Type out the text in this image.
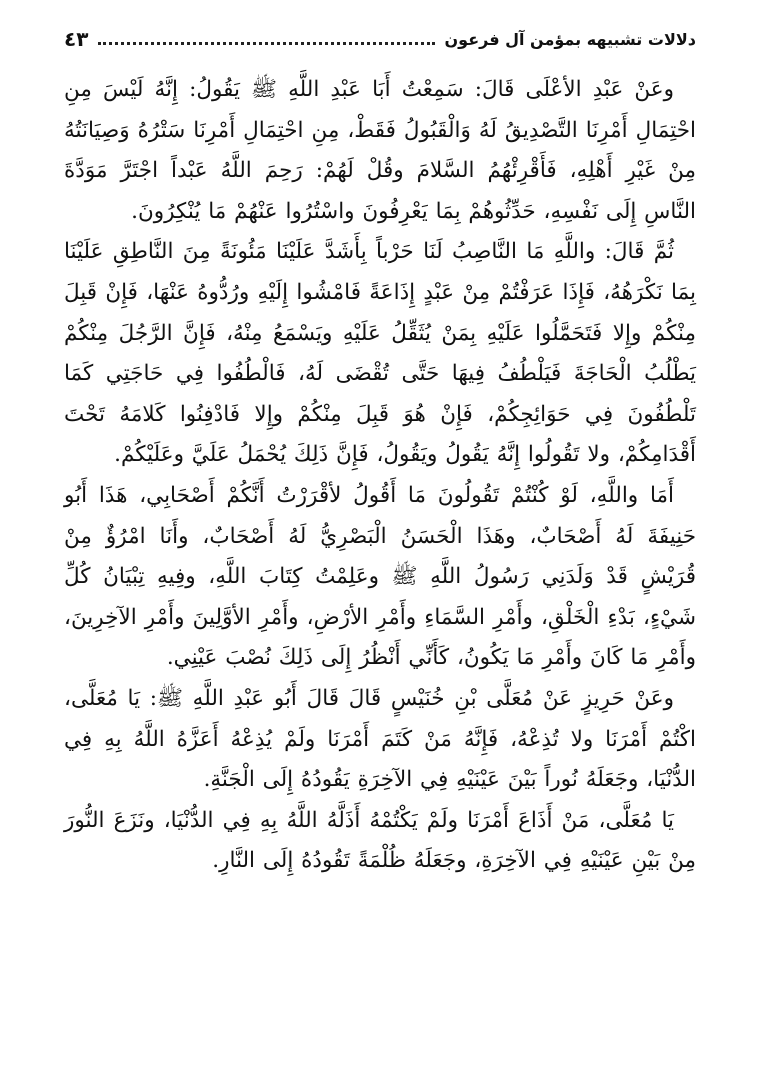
دلالات تشبيهه بمؤمن آل فرعون
٤٣

وعَنْ عَبْدِ الأعْلَى قَالَ: سَمِعْتُ أَبَا عَبْدِ اللَّهِ ﷺ يَقُولُ: إِنَّهُ لَيْسَ مِنِ احْتِمَالِ أَمْرِنَا التَّصْدِيقُ لَهُ وَالْقَبُولُ فَقَطْ، مِنِ احْتِمَالِ أَمْرِنَا سَتْرُهُ وَصِيَانَتُهُ مِنْ غَيْرِ أَهْلِهِ، فَأَقْرِئْهُمُ السَّلامَ وقُلْ لَهُمْ: رَحِمَ اللَّهُ عَبْداً اجْتَرَّ مَوَدَّةَ النَّاسِ إِلَى نَفْسِهِ، حَدِّثُوهُمْ بِمَا يَعْرِفُونَ واسْتُرُوا عَنْهُمْ مَا يُنْكِرُونَ.

ثُمَّ قَالَ: واللَّهِ مَا النَّاصِبُ لَنَا حَرْباً بِأَشَدَّ عَلَيْنَا مَئُونَةً مِنَ النَّاطِقِ عَلَيْنَا بِمَا نَكْرَهُهُ، فَإِذَا عَرَفْتُمْ مِنْ عَبْدٍ إِذَاعَةً فَامْشُوا إِلَيْهِ ورُدُّوهُ عَنْهَا، فَإِنْ قَبِلَ مِنْكُمْ وإِلا فَتَحَمَّلُوا عَلَيْهِ بِمَنْ يُثَقِّلُ عَلَيْهِ ويَسْمَعُ مِنْهُ، فَإِنَّ الرَّجُلَ مِنْكُمْ يَطْلُبُ الْحَاجَةَ فَيَلْطُفُ فِيهَا حَتَّى تُقْضَى لَهُ، فَالْطُفُوا فِي حَاجَتِي كَمَا تَلْطُفُونَ فِي حَوَائِجِكُمْ، فَإِنْ هُوَ قَبِلَ مِنْكُمْ وإِلا فَادْفِنُوا كَلامَهُ تَحْتَ أَقْدَامِكُمْ، ولا تَقُولُوا إِنَّهُ يَقُولُ ويَقُولُ، فَإِنَّ ذَلِكَ يُحْمَلُ عَلَيَّ وعَلَيْكُمْ.

أَمَا واللَّهِ، لَوْ كُنْتُمْ تَقُولُونَ مَا أَقُولُ لأقْرَرْتُ أَنَّكُمْ أَصْحَابِي، هَذَا أَبُو حَنِيفَةَ لَهُ أَصْحَابٌ، وهَذَا الْحَسَنُ الْبَصْرِيُّ لَهُ أَصْحَابٌ، وأَنَا امْرُؤٌ مِنْ قُرَيْشٍ قَدْ وَلَدَنِي رَسُولُ اللَّهِ ﷺ وعَلِمْتُ كِتَابَ اللَّهِ، وفِيهِ تِبْيَانُ كُلِّ شَيْءٍ، بَدْءِ الْخَلْقِ، وأَمْرِ السَّمَاءِ وأَمْرِ الأرْضِ، وأَمْرِ الأوَّلِينَ وأَمْرِ الآخِرِينَ، وأَمْرِ مَا كَانَ وأَمْرِ مَا يَكُونُ، كَأَنِّي أَنْظُرُ إِلَى ذَلِكَ نُصْبَ عَيْنِي.

وعَنْ حَرِيزٍ عَنْ مُعَلَّى بْنِ خُنَيْسٍ قَالَ قَالَ أَبُو عَبْدِ اللَّهِ ﷺ: يَا مُعَلَّى، اكْتُمْ أَمْرَنَا ولا تُذِعْهُ، فَإِنَّهُ مَنْ كَتَمَ أَمْرَنَا ولَمْ يُذِعْهُ أَعَزَّهُ اللَّهُ بِهِ فِي الدُّنْيَا، وجَعَلَهُ نُوراً بَيْنَ عَيْنَيْهِ فِي الآخِرَةِ يَقُودُهُ إِلَى الْجَنَّةِ.

يَا مُعَلَّى، مَنْ أَذَاعَ أَمْرَنَا ولَمْ يَكْتُمْهُ أَذَلَّهُ اللَّهُ بِهِ فِي الدُّنْيَا، ونَزَعَ النُّورَ مِنْ بَيْنِ عَيْنَيْهِ فِي الآخِرَةِ، وجَعَلَهُ ظُلْمَةً تَقُودُهُ إِلَى النَّارِ.
